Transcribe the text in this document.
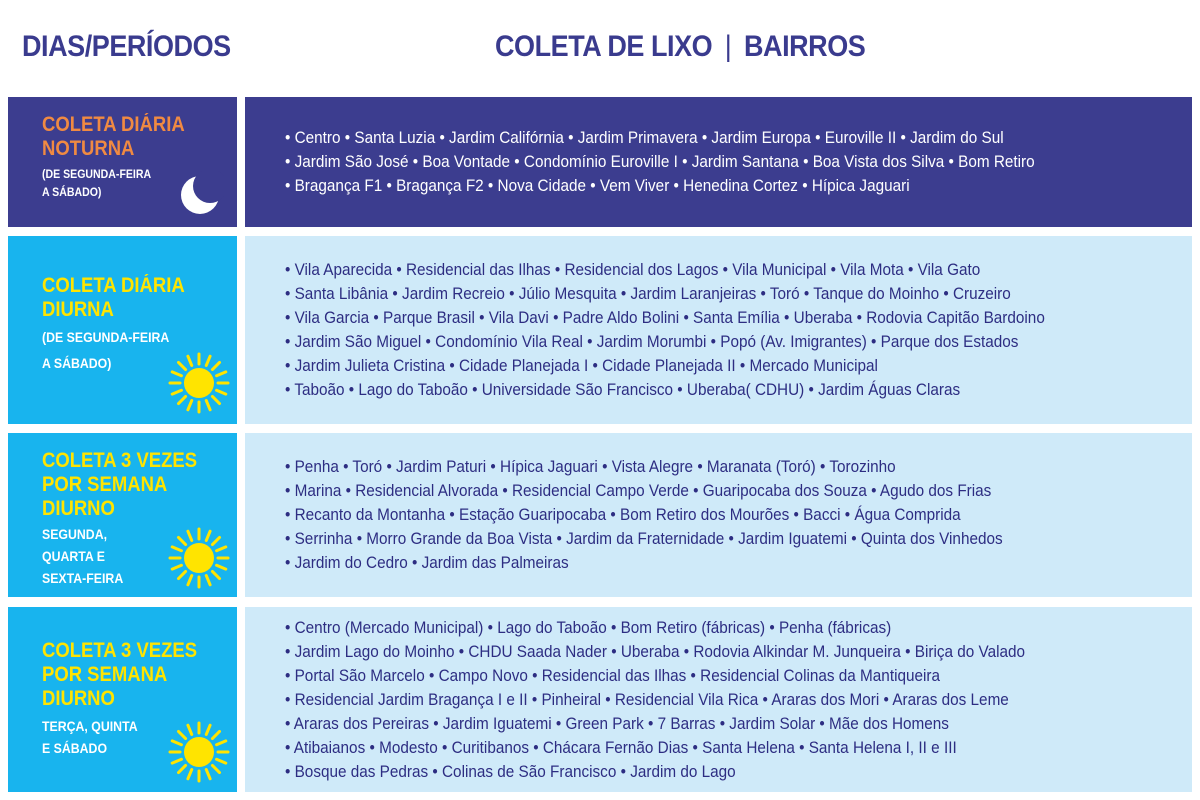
DIAS/PERÍODOS	COLETA DE LIXO | BAIRROS
COLETA DIÁRIA
NOTURNA
(DE SEGUNDA-FEIRA
A SÁBADO)
• Centro • Santa Luzia • Jardim Califórnia • Jardim Primavera • Jardim Europa • Euroville II • Jardim do Sul
• Jardim São José • Boa Vontade • Condomínio Euroville I • Jardim Santana • Boa Vista dos Silva • Bom Retiro
• Bragança F1 • Bragança F2 • Nova Cidade • Vem Viver • Henedina Cortez • Hípica Jaguari
COLETA DIÁRIA
DIURNA
(DE SEGUNDA-FEIRA
A SÁBADO)
• Vila Aparecida • Residencial das Ilhas • Residencial dos Lagos • Vila Municipal • Vila Mota • Vila Gato
• Santa Libânia • Jardim Recreio • Júlio Mesquita • Jardim Laranjeiras • Toró • Tanque do Moinho • Cruzeiro
• Vila Garcia • Parque Brasil • Vila Davi • Padre Aldo Bolini • Santa Emília • Uberaba • Rodovia Capitão Bardoino
• Jardim São Miguel • Condomínio Vila Real • Jardim Morumbi • Popó (Av. Imigrantes) • Parque dos Estados
• Jardim Julieta Cristina • Cidade Planejada I • Cidade Planejada II • Mercado Municipal
• Taboão • Lago do Taboão • Universidade São Francisco • Uberaba( CDHU) • Jardim Águas Claras
COLETA 3 VEZES
POR SEMANA
DIURNO
SEGUNDA,
QUARTA E
SEXTA-FEIRA
• Penha • Toró • Jardim Paturi • Hípica Jaguari • Vista Alegre • Maranata (Toró) • Torozinho
• Marina • Residencial Alvorada • Residencial Campo Verde • Guaripocaba dos Souza • Agudo dos Frias
• Recanto da Montanha • Estação Guaripocaba • Bom Retiro dos Mourões • Bacci • Água Comprida
• Serrinha • Morro Grande da Boa Vista • Jardim da Fraternidade • Jardim Iguatemi • Quinta dos Vinhedos
• Jardim do Cedro • Jardim das Palmeiras
COLETA 3 VEZES
POR SEMANA
DIURNO
TERÇA, QUINTA
E SÁBADO
• Centro (Mercado Municipal) • Lago do Taboão • Bom Retiro (fábricas) • Penha (fábricas)
• Jardim Lago do Moinho • CHDU Saada Nader • Uberaba • Rodovia Alkindar M. Junqueira • Biriça do Valado
• Portal São Marcelo • Campo Novo • Residencial das Ilhas • Residencial Colinas da Mantiqueira
• Residencial Jardim Bragança I e II • Pinheiral • Residencial Vila Rica • Araras dos Mori • Araras dos Leme
• Araras dos Pereiras • Jardim Iguatemi • Green Park • 7 Barras • Jardim Solar • Mãe dos Homens
• Atibaianos • Modesto • Curitibanos • Chácara Fernão Dias • Santa Helena • Santa Helena I, II e III
• Bosque das Pedras • Colinas de São Francisco • Jardim do Lago
